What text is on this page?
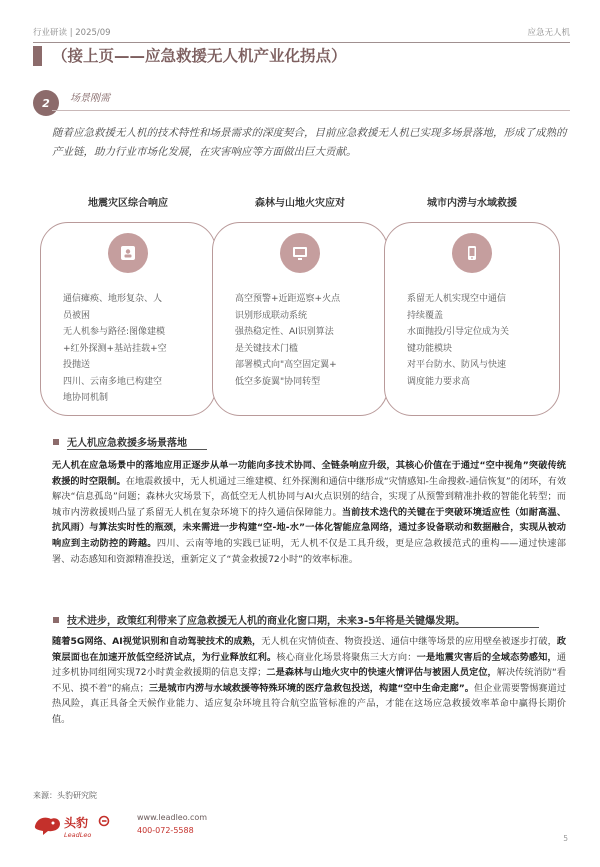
行业研读 | 2025/09	应急无人机
（接上页——应急救援无人机产业化拐点）
2	场景刚需
随着应急救援无人机的技术特性和场景需求的深度契合，目前应急救援无人机已实现多场景落地，形成了成熟的产业链，助力行业市场化发展，在灾害响应等方面做出巨大贡献。
地震灾区综合响应	森林与山地火灾应对	城市内涝与水域救援
通信瘫痪、地形复杂、人
员被困
无人机参与路径:图像建模
+红外探测+基站挂载+空
投抛送
四川、云南多地已构建空
地协同机制
高空预警+近距巡察+火点
识别形成联动系统
强热稳定性、AI识别算法
是关键技术门槛
部署模式向"高空固定翼+
低空多旋翼"协同转型
系留无人机实现空中通信
持续覆盖
水面抛投/引导定位成为关
键功能模块
对平台防水、防风与快速
调度能力要求高
无人机应急救援多场景落地
无人机在应急场景中的落地应用正逐步从单一功能向多技术协同、全链条响应升级，其核心价值在于通过“空中视角”突破传统救援的时空限制。在地震救援中，无人机通过三维建模、红外探测和通信中继形成“灾情感知-生命搜救-通信恢复”的闭环，有效解决“信息孤岛”问题；森林火灾场景下，高低空无人机协同与AI火点识别的结合，实现了从预警到精准扑救的智能化转型；而城市内涝救援则凸显了系留无人机在复杂环境下的持久通信保障能力。当前技术迭代的关键在于突破环境适应性（如耐高温、抗风雨）与算法实时性的瓶颈，未来需进一步构建“空-地-水”一体化智能应急网络，通过多设备联动和数据融合，实现从被动响应到主动防控的跨越。四川、云南等地的实践已证明，无人机不仅是工具升级，更是应急救援范式的重构——通过快速部署、动态感知和资源精准投送，重新定义了“黄金救援72小时”的效率标准。
技术进步，政策红利带来了应急救援无人机的商业化窗口期，未来3-5年将是关键爆发期。
随着5G网络、AI视觉识别和自动驾驶技术的成熟，无人机在灾情侦查、物资投送、通信中继等场景的应用壁垒被逐步打破，政策层面也在加速开放低空经济试点，为行业释放红利。核心商业化场景将聚焦三大方向：一是地震灾害后的全域态势感知，通过多机协同组网实现72小时黄金救援期的信息支撑；二是森林与山地火灾中的快速火情评估与被困人员定位，解决传统消防“看不见、摸不着”的痛点；三是城市内涝与水域救援等特殊环境的医疗急救包投送，构建“空中生命走廊”。但企业需要警惕赛道过热风险，真正具备全天候作业能力、适应复杂环境且符合航空监管标准的产品，才能在这场应急救援效率革命中赢得长期价值。
来源：头豹研究院
头豹
LeadLeo
www.leadleo.com
400-072-5588
5
